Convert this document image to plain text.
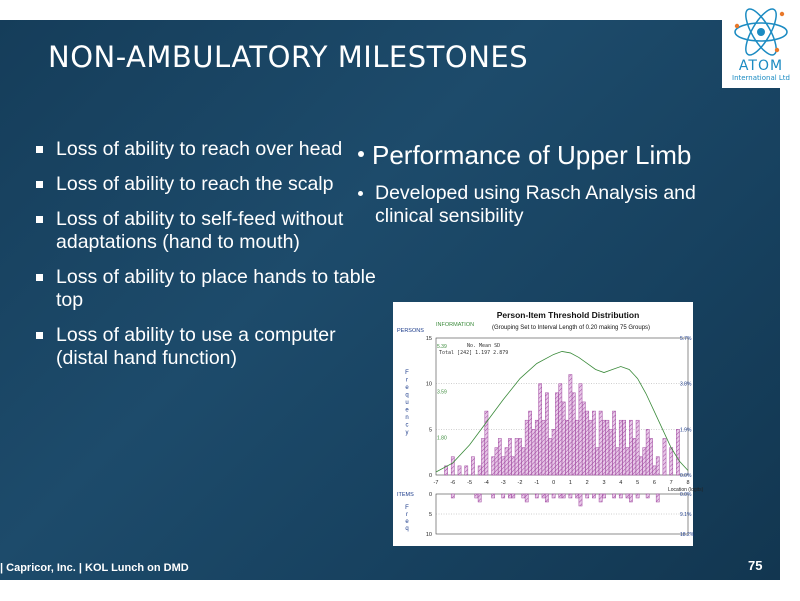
NON-AMBULATORY MILESTONES	ATOM
International Ltd
Loss of ability to reach over head
Loss of ability to reach the scalp
Loss of ability to self-feed without adaptations (hand to mouth)
Loss of ability to place hands to table top
Loss of ability to use a computer (distal hand function)
Performance of Upper Limb
Developed using Rasch Analysis and clinical sensibility
Person-Item Threshold Distribution
(Grouping Set to Interval Length of 0.20 making 75 Groups)
INFORMATION
PERSONS
ITEMS
No. Mean SD
Total [242] 1.197 2.879
F
r
e
q
u
e
n
c
y
F
r
e
q
0
5
10
15
1.80
3.59
5.39
0.0%
1.9%
3.8%
5.7%
0
5
10
0.0%
9.1%
18.2%
-7 -6 -5 -4 -3 -2 -1 0 1 2 3 4 5 6 7 8
Location (logits)
| Capricor, Inc. | KOL Lunch on DMD	75
